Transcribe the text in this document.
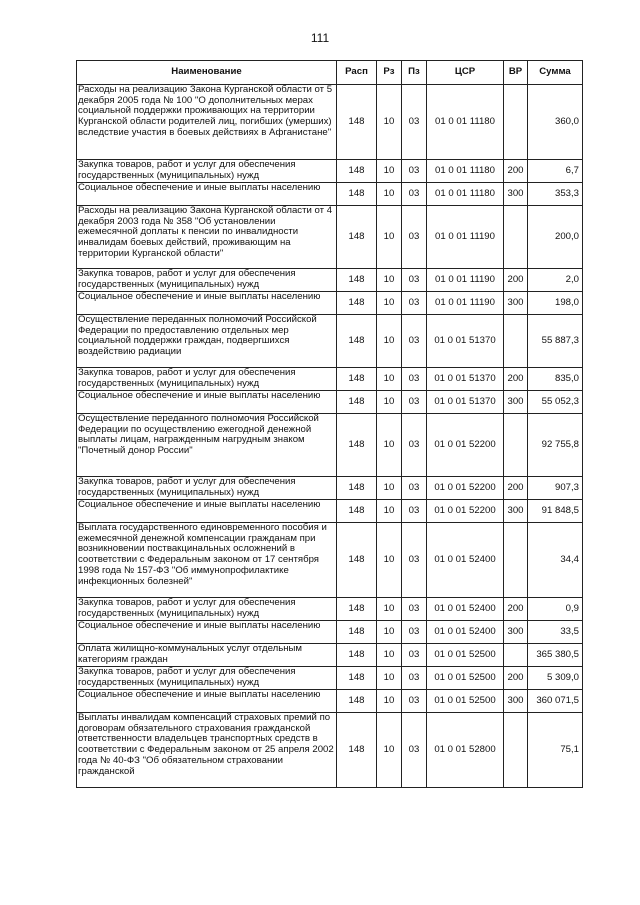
111
Наименование	Расп	Рз	Пз	ЦСР	ВР	Сумма
Расходы на реализацию Закона Курганской области от 5 декабря 2005 года № 100 "О дополнительных мерах социальной поддержки проживающих на территории Курганской области родителей лиц, погибших (умерших) вследствие участия в боевых действиях в Афганистане"	148	10	03	01 0 01 11180		360,0
Закупка товаров, работ и услуг для обеспечения государственных (муниципальных) нужд	148	10	03	01 0 01 11180	200	6,7
Социальное обеспечение и иные выплаты населению	148	10	03	01 0 01 11180	300	353,3
Расходы на реализацию Закона Курганской области от 4 декабря 2003 года № 358 "Об установлении ежемесячной доплаты к пенсии по инвалидности инвалидам боевых действий, проживающим на территории Курганской области"	148	10	03	01 0 01 11190		200,0
Закупка товаров, работ и услуг для обеспечения государственных (муниципальных) нужд	148	10	03	01 0 01 11190	200	2,0
Социальное обеспечение и иные выплаты населению	148	10	03	01 0 01 11190	300	198,0
Осуществление переданных полномочий Российской Федерации по предоставлению отдельных мер социальной поддержки граждан, подвергшихся воздействию радиации	148	10	03	01 0 01 51370		55 887,3
Закупка товаров, работ и услуг для обеспечения государственных (муниципальных) нужд	148	10	03	01 0 01 51370	200	835,0
Социальное обеспечение и иные выплаты населению	148	10	03	01 0 01 51370	300	55 052,3
Осуществление переданного полномочия Российской Федерации по осуществлению ежегодной денежной выплаты лицам, награжденным нагрудным знаком "Почетный донор России"	148	10	03	01 0 01 52200		92 755,8
Закупка товаров, работ и услуг для обеспечения государственных (муниципальных) нужд	148	10	03	01 0 01 52200	200	907,3
Социальное обеспечение и иные выплаты населению	148	10	03	01 0 01 52200	300	91 848,5
Выплата государственного единовременного пособия и ежемесячной денежной компенсации гражданам при возникновении поствакцинальных осложнений в соответствии с Федеральным законом от 17 сентября 1998 года № 157-ФЗ "Об иммунопрофилактике инфекционных болезней"	148	10	03	01 0 01 52400		34,4
Закупка товаров, работ и услуг для обеспечения государственных (муниципальных) нужд	148	10	03	01 0 01 52400	200	0,9
Социальное обеспечение и иные выплаты населению	148	10	03	01 0 01 52400	300	33,5
Оплата жилищно-коммунальных услуг отдельным категориям граждан	148	10	03	01 0 01 52500		365 380,5
Закупка товаров, работ и услуг для обеспечения государственных (муниципальных) нужд	148	10	03	01 0 01 52500	200	5 309,0
Социальное обеспечение и иные выплаты населению	148	10	03	01 0 01 52500	300	360 071,5
Выплаты инвалидам компенсаций страховых премий по договорам обязательного страхования гражданской ответственности владельцев транспортных средств в соответствии с Федеральным законом от 25 апреля 2002 года № 40-ФЗ "Об обязательном страховании гражданской	148	10	03	01 0 01 52800		75,1
